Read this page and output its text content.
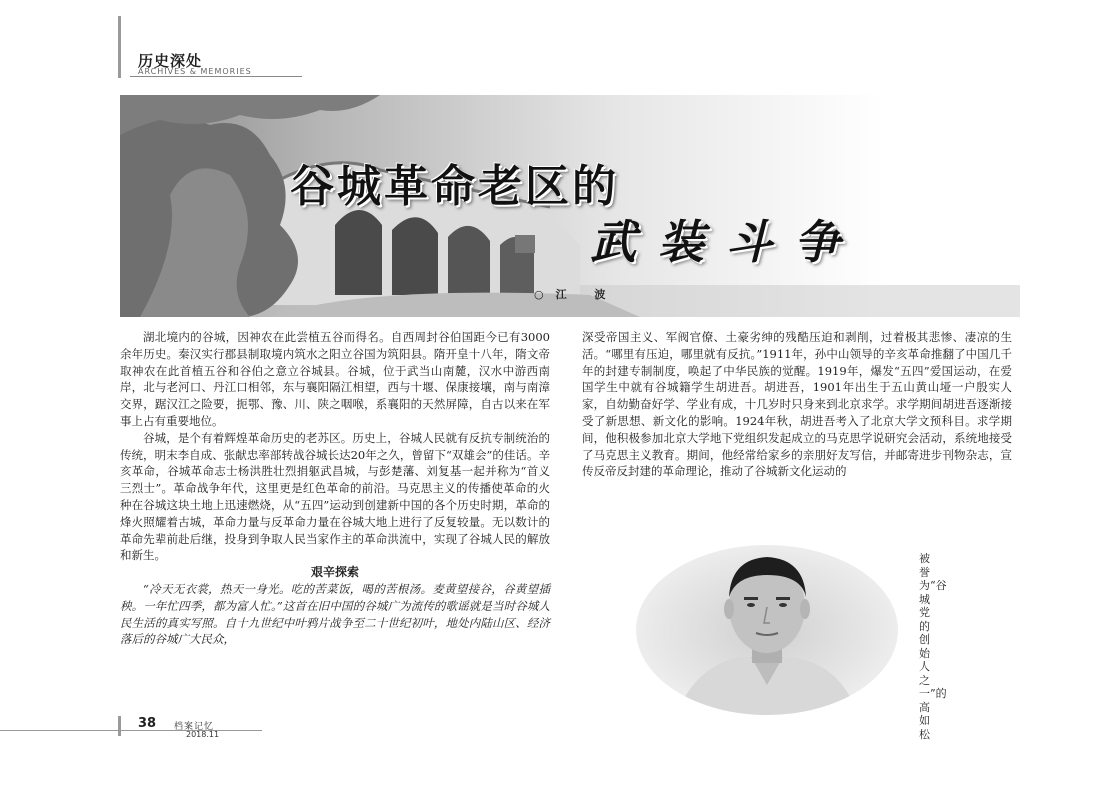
历史深处
ARCHIVES & MEMORIES
谷城革命老区的
武装斗争
○江 波

湖北境内的谷城，因神农在此尝植五谷而得名。自西周封谷伯国距今已有3000余年历史。秦汉实行郡县制取境内筑水之阳立谷国为筑阳县。隋开皇十八年，隋文帝取神农在此首植五谷和谷伯之意立谷城县。谷城，位于武当山南麓，汉水中游西南岸，北与老河口、丹江口相邻，东与襄阳隔江相望，西与十堰、保康接壤，南与南漳交界，踞汉江之险要，扼鄂、豫、川、陕之咽喉，系襄阳的天然屏障，自古以来在军事上占有重要地位。

谷城，是个有着辉煌革命历史的老苏区。历史上，谷城人民就有反抗专制统治的传统，明末李自成、张献忠率部转战谷城长达20年之久，曾留下“双雄会”的佳话。辛亥革命，谷城革命志士杨洪胜壮烈捐躯武昌城，与彭楚藩、刘复基一起并称为“首义三烈士”。革命战争年代，这里更是红色革命的前沿。马克思主义的传播使革命的火种在谷城这块土地上迅速燃烧，从“五四”运动到创建新中国的各个历史时期，革命的烽火照耀着古城，革命力量与反革命力量在谷城大地上进行了反复较量。无以数计的革命先辈前赴后继，投身到争取人民当家作主的革命洪流中，实现了谷城人民的解放和新生。

艰辛探索

“冷天无衣裳，热天一身光。吃的苦菜饭，喝的苦根汤。麦黄望接谷，谷黄望插秧。一年忙四季，都为富人忙。”这首在旧中国的谷城广为流传的歌谣就是当时谷城人民生活的真实写照。自十九世纪中叶鸦片战争至二十世纪初叶，地处内陆山区、经济落后的谷城广大民众，

深受帝国主义、军阀官僚、土豪劣绅的残酷压迫和剥削，过着极其悲惨、凄凉的生活。“哪里有压迫，哪里就有反抗。”1911年，孙中山领导的辛亥革命推翻了中国几千年的封建专制制度，唤起了中华民族的觉醒。1919年，爆发“五四”爱国运动，在爱国学生中就有谷城籍学生胡进吾。胡进吾，1901年出生于五山黄山垭一户殷实人家，自幼勤奋好学、学业有成，十几岁时只身来到北京求学。求学期间胡进吾逐渐接受了新思想、新文化的影响。1924年秋，胡进吾考入了北京大学文预科目。求学期间，他积极参加北京大学地下党组织发起成立的马克思学说研究会活动，系统地接受了马克思主义教育。期间，他经常给家乡的亲朋好友写信，并邮寄进步刊物杂志，宣传反帝反封建的革命理论，推动了谷城新文化运动的

被誉为“谷城党的创始人之一”的高如松
38 档案记忆
2018.11
